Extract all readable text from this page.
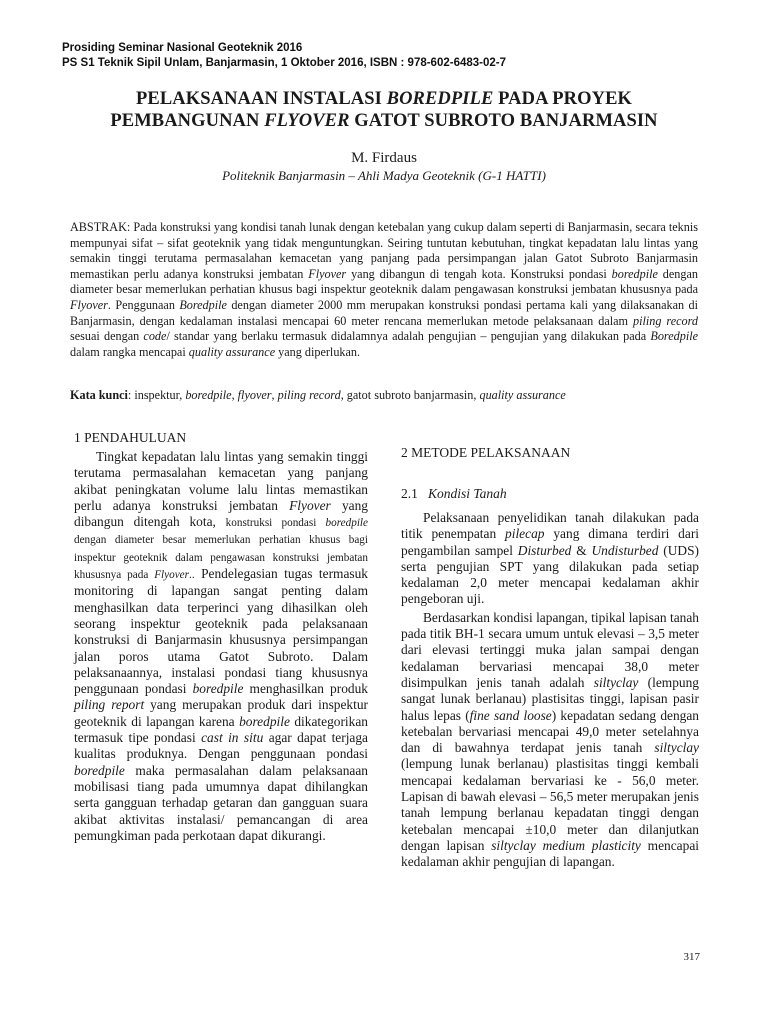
Prosiding Seminar Nasional Geoteknik 2016
PS S1 Teknik Sipil Unlam, Banjarmasin, 1 Oktober 2016, ISBN : 978-602-6483-02-7
PELAKSANAAN INSTALASI BOREDPILE PADA PROYEK
PEMBANGUNAN FLYOVER GATOT SUBROTO BANJARMASIN
M. Firdaus
Politeknik Banjarmasin – Ahli Madya Geoteknik (G-1 HATTI)

ABSTRAK: Pada konstruksi yang kondisi tanah lunak dengan ketebalan yang cukup dalam seperti di Banjarmasin, secara teknis mempunyai sifat – sifat geoteknik yang tidak menguntungkan. Seiring tuntutan kebutuhan, tingkat kepadatan lalu lintas yang semakin tinggi terutama permasalahan kemacetan yang panjang pada persimpangan jalan Gatot Subroto Banjarmasin memastikan perlu adanya konstruksi jembatan Flyover yang dibangun di tengah kota. Konstruksi pondasi boredpile dengan diameter besar memerlukan perhatian khusus bagi inspektur geoteknik dalam pengawasan konstruksi jembatan khususnya pada Flyover. Penggunaan Boredpile dengan diameter 2000 mm merupakan konstruksi pondasi pertama kali yang dilaksanakan di Banjarmasin, dengan kedalaman instalasi mencapai 60 meter rencana memerlukan metode pelaksanaan dalam piling record sesuai dengan code/ standar yang berlaku termasuk didalamnya adalah pengujian – pengujian yang dilakukan pada Boredpile dalam rangka mencapai quality assurance yang diperlukan.

Kata kunci: inspektur, boredpile, flyover, piling record, gatot subroto banjarmasin, quality assurance
1 PENDAHULUAN

Tingkat kepadatan lalu lintas yang semakin tinggi terutama permasalahan kemacetan yang panjang akibat peningkatan volume lalu lintas memastikan perlu adanya konstruksi jembatan Flyover yang dibangun ditengah kota, konstruksi pondasi boredpile dengan diameter besar memerlukan perhatian khusus bagi inspektur geoteknik dalam pengawasan konstruksi jembatan khususnya pada Flyover.. Pendelegasian tugas termasuk monitoring di lapangan sangat penting dalam menghasilkan data terperinci yang dihasilkan oleh seorang inspektur geoteknik pada pelaksanaan konstruksi di Banjarmasin khususnya persimpangan jalan poros utama Gatot Subroto. Dalam pelaksanaannya, instalasi pondasi tiang khususnya penggunaan pondasi boredpile menghasilkan produk piling report yang merupakan produk dari inspektur geoteknik di lapangan karena boredpile dikategorikan termasuk tipe pondasi cast in situ agar dapat terjaga kualitas produknya. Dengan penggunaan pondasi boredpile maka permasalahan dalam pelaksanaan mobilisasi tiang pada umumnya dapat dihilangkan serta gangguan terhadap getaran dan gangguan suara akibat aktivitas instalasi/ pemancangan di area pemungkiman pada perkotaan dapat dikurangi.

2 METODE PELAKSANAAN
2.1 Kondisi Tanah

Pelaksanaan penyelidikan tanah dilakukan pada titik penempatan pilecap yang dimana terdiri dari pengambilan sampel Disturbed & Undisturbed (UDS) serta pengujian SPT yang dilakukan pada setiap kedalaman 2,0 meter mencapai kedalaman akhir pengeboran uji.

Berdasarkan kondisi lapangan, tipikal lapisan tanah pada titik BH-1 secara umum untuk elevasi – 3,5 meter dari elevasi tertinggi muka jalan sampai dengan kedalaman bervariasi mencapai 38,0 meter disimpulkan jenis tanah adalah siltyclay (lempung sangat lunak berlanau) plastisitas tinggi, lapisan pasir halus lepas (fine sand loose) kepadatan sedang dengan ketebalan bervariasi mencapai 49,0 meter setelahnya dan di bawahnya terdapat jenis tanah siltyclay (lempung lunak berlanau) plastisitas tinggi kembali mencapai kedalaman bervariasi ke - 56,0 meter. Lapisan di bawah elevasi – 56,5 meter merupakan jenis tanah lempung berlanau kepadatan tinggi dengan ketebalan mencapai ±10,0 meter dan dilanjutkan dengan lapisan siltyclay medium plasticity mencapai kedalaman akhir pengujian di lapangan.

317
